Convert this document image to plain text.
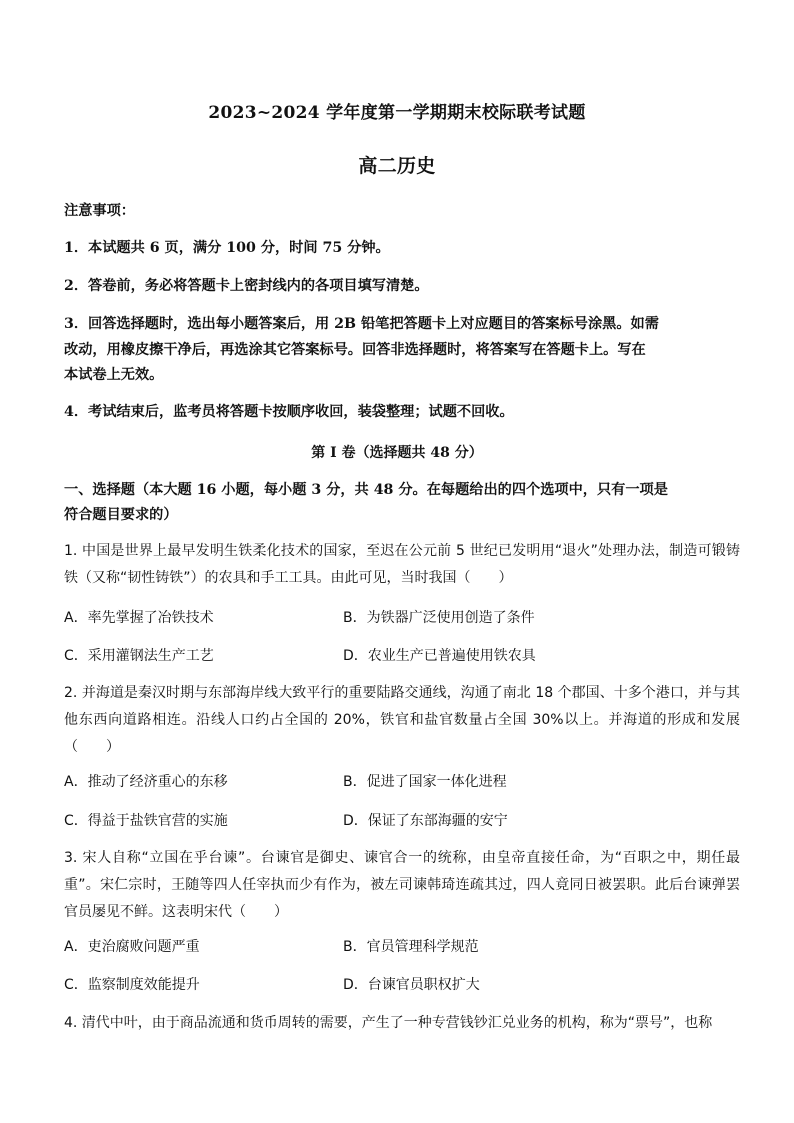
2023~2024 学年度第一学期期末校际联考试题
高二历史
注意事项：
1．本试题共 6 页，满分 100 分，时间 75 分钟。
2．答卷前，务必将答题卡上密封线内的各项目填写清楚。
3．回答选择题时，选出每小题答案后，用 2B 铅笔把答题卡上对应题目的答案标号涂黑。如需
改动，用橡皮擦干净后，再选涂其它答案标号。回答非选择题时，将答案写在答题卡上。写在
本试卷上无效。
4．考试结束后，监考员将答题卡按顺序收回，装袋整理；试题不回收。
第 I 卷（选择题共 48 分）
一、选择题（本大题 16 小题，每小题 3 分，共 48 分。在每题给出的四个选项中，只有一项是
符合题目要求的）
1. 中国是世界上最早发明生铁柔化技术的国家，至迟在公元前 5 世纪已发明用“退火”处理办法，制造可锻铸铁（又称“韧性铸铁”）的农具和手工工具。由此可见，当时我国（　　）
A．率先掌握了冶铁技术	B．为铁器广泛使用创造了条件
C．采用灌钢法生产工艺	D．农业生产已普遍使用铁农具
2. 并海道是秦汉时期与东部海岸线大致平行的重要陆路交通线，沟通了南北 18 个郡国、十多个港口，并与其他东西向道路相连。沿线人口约占全国的 20%，铁官和盐官数量占全国 30%以上。并海道的形成和发展（　　）
A．推动了经济重心的东移	B．促进了国家一体化进程
C．得益于盐铁官营的实施	D．保证了东部海疆的安宁
3. 宋人自称“立国在乎台谏”。台谏官是御史、谏官合一的统称，由皇帝直接任命，为“百职之中，期任最重”。宋仁宗时，王随等四人任宰执而少有作为，被左司谏韩琦连疏其过，四人竟同日被罢职。此后台谏弹罢官员屡见不鲜。这表明宋代（　　）
A．吏治腐败问题严重	B．官员管理科学规范
C．监察制度效能提升	D．台谏官员职权扩大
4. 清代中叶，由于商品流通和货币周转的需要，产生了一种专营钱钞汇兑业务的机构，称为“票号”，也称
